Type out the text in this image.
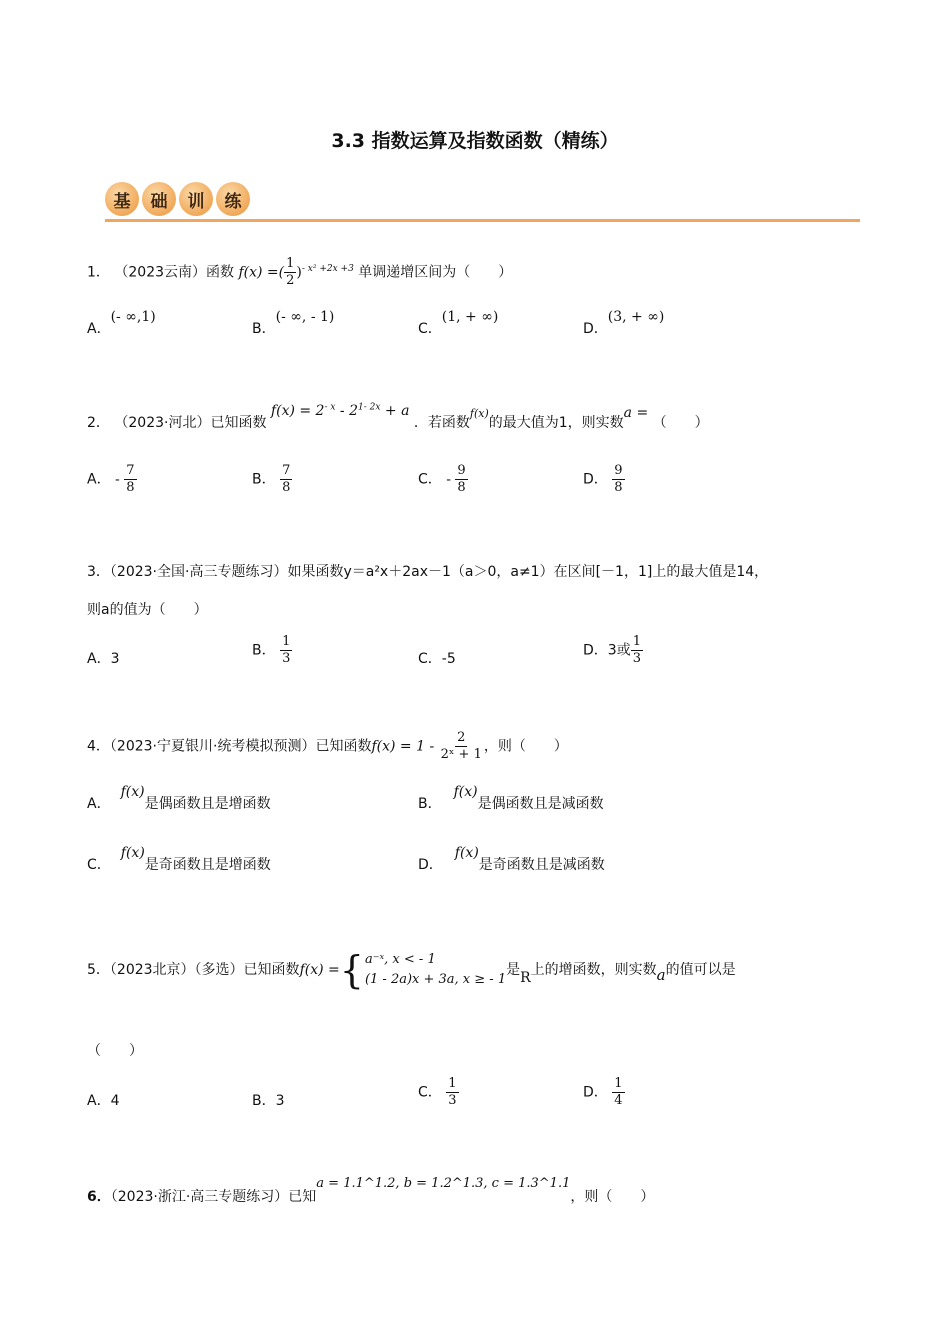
3.3 指数运算及指数函数（精练）
基	础	训	练
1． （2023云南）函数 f(x) =( $\frac{1}{2} )^{- x^2 +2x +3}$ 单调递增区间为（　　）
A．(- ∞,1)
B．(- ∞, - 1)
C．(1, + ∞)
D．(3, + ∞)
2． （2023·河北）已知函数 $f(x) = 2^{- x} - 2^{1- 2x} + a$ ．若函数$^{f(x)}$的最大值为1，则实数a = （　　）
A． - $\frac{7}{8}$	B． $\frac{7}{8}$	C． - $\frac{9}{8}$	D． $\frac{9}{8}$
3．（2023·全国·高三专题练习）如果函数y＝a²x＋2ax－1（a＞0，a≠1）在区间[－1，1]上的最大值是14，
则a的值为（　　）
A．3
B． $\frac{1}{3}$	C．-5
D．3或 $\frac{1}{3}$
4．（2023·宁夏银川·统考模拟预测）已知函数$f(x) = 1 - \frac{2}{\text{2ˣ + 1}}$ ，则（　　）
A．f(x)是偶函数且是增函数	B．f(x)是偶函数且是减函数
C．f(x)是奇函数且是增函数	D．f(x)是奇函数且是减函数
5．（2023北京）（多选）已知函数f(x) = { a⁻ˣ, x < - 1
(1 - 2a)x + 3a, x ≥ - 1
是R上的增函数，则实数a的值可以是
（　　）
A．4	B．3
C． $\frac{1}{3}$	D． $\frac{1}{4}$
6．（2023·浙江·高三专题练习）已知a = 1.1^1.2, b = 1.2^1.3, c = 1.3^1.1，则（　　）
